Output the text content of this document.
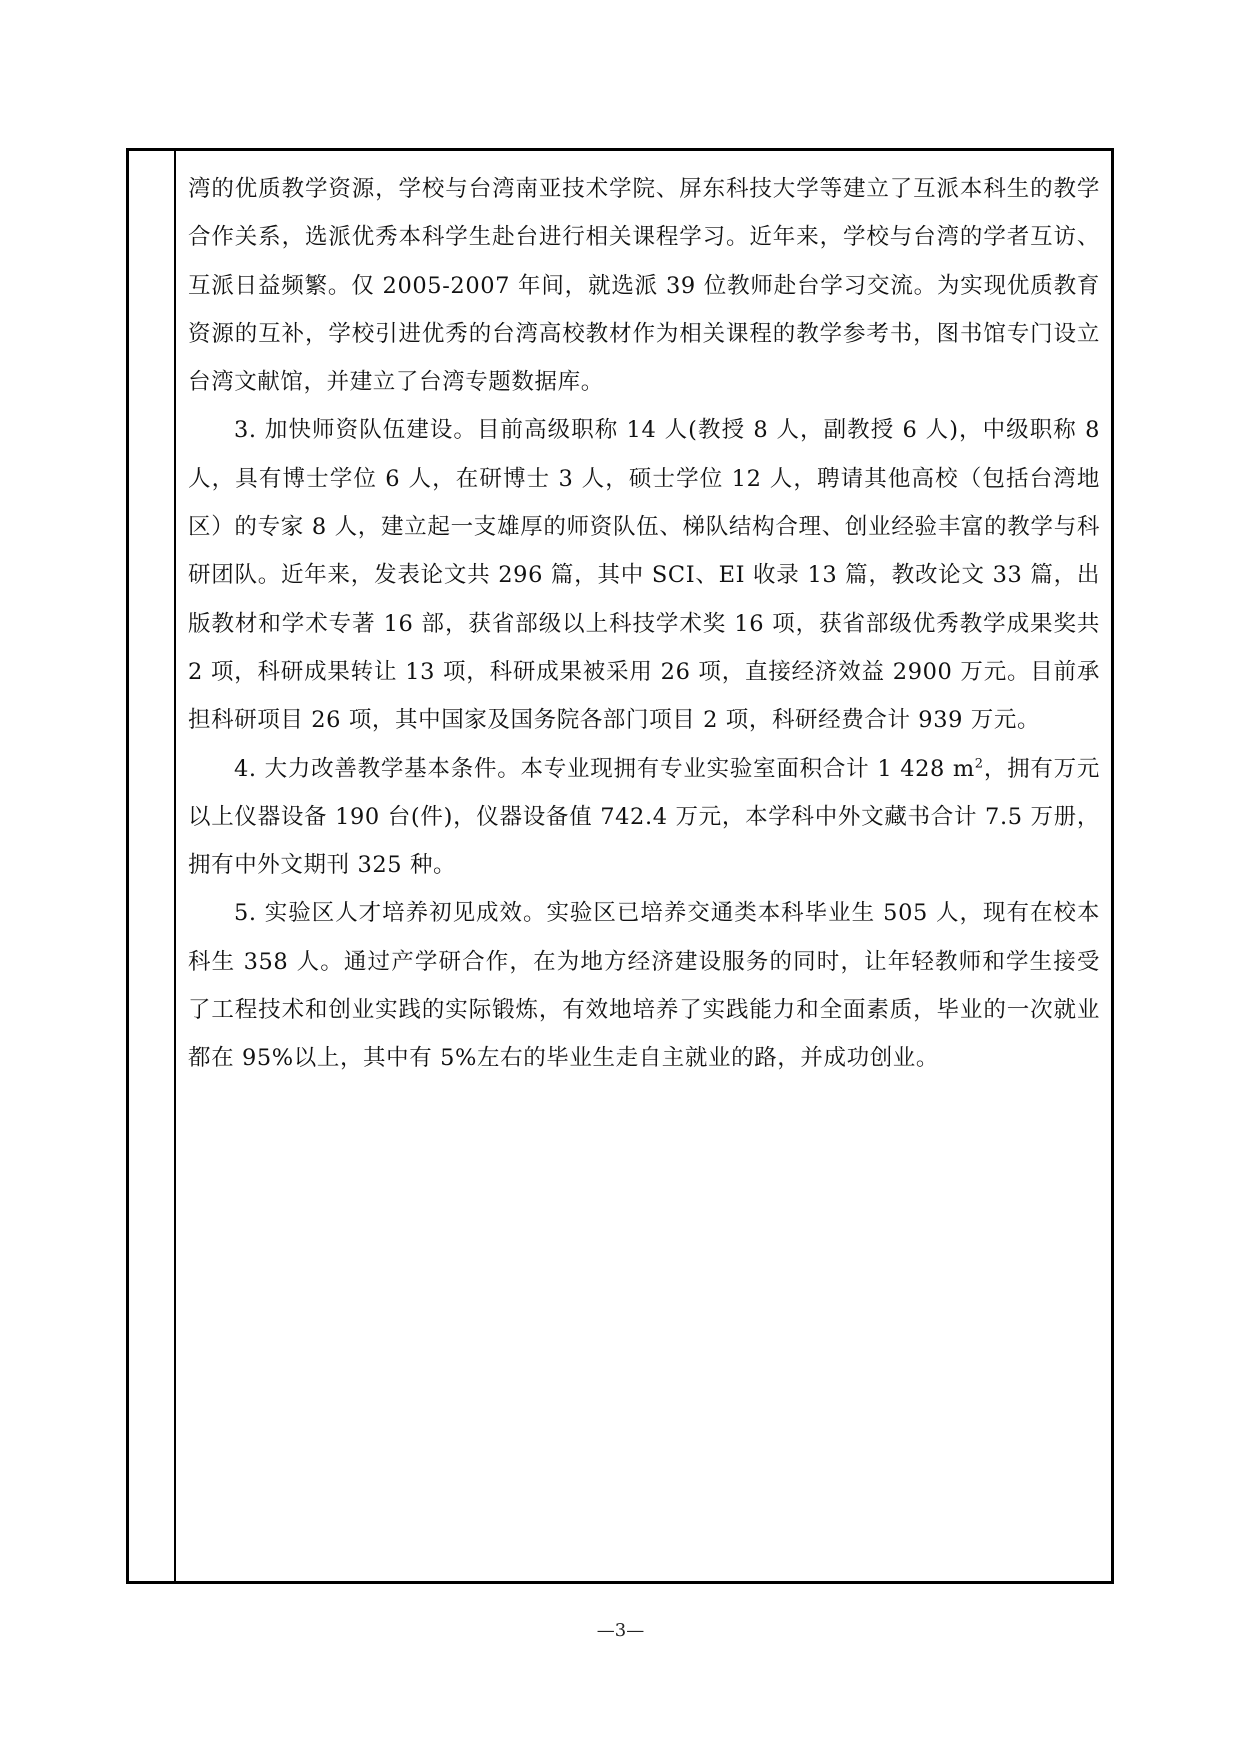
湾的优质教学资源，学校与台湾南亚技术学院、屏东科技大学等建立了互派本科生的教学合作关系，选派优秀本科学生赴台进行相关课程学习。近年来，学校与台湾的学者互访、互派日益频繁。仅 2005-2007 年间，就选派 39 位教师赴台学习交流。为实现优质教育资源的互补，学校引进优秀的台湾高校教材作为相关课程的教学参考书，图书馆专门设立台湾文献馆，并建立了台湾专题数据库。

3. 加快师资队伍建设。目前高级职称 14 人(教授 8 人，副教授 6 人)，中级职称 8 人，具有博士学位 6 人，在研博士 3 人，硕士学位 12 人，聘请其他高校（包括台湾地区）的专家 8 人，建立起一支雄厚的师资队伍、梯队结构合理、创业经验丰富的教学与科研团队。近年来，发表论文共 296 篇，其中 SCI、EI 收录 13 篇，教改论文 33 篇，出版教材和学术专著 16 部，获省部级以上科技学术奖 16 项，获省部级优秀教学成果奖共 2 项，科研成果转让 13 项，科研成果被采用 26 项，直接经济效益 2900 万元。目前承担科研项目 26 项，其中国家及国务院各部门项目 2 项，科研经费合计 939 万元。

4. 大力改善教学基本条件。本专业现拥有专业实验室面积合计 1 428 $m^2$，拥有万元以上仪器设备 190 台(件)，仪器设备值 742.4 万元，本学科中外文藏书合计 7.5 万册，拥有中外文期刊 325 种。

5. 实验区人才培养初见成效。实验区已培养交通类本科毕业生 505 人，现有在校本科生 358 人。通过产学研合作，在为地方经济建设服务的同时，让年轻教师和学生接受了工程技术和创业实践的实际锻炼，有效地培养了实践能力和全面素质，毕业的一次就业都在 95%以上，其中有 5%左右的毕业生走自主就业的路，并成功创业。

—3—
